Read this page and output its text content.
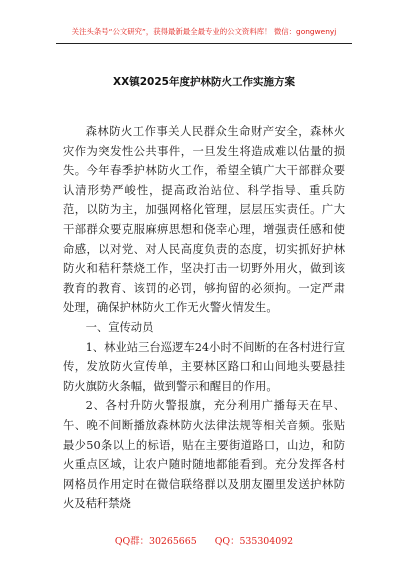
关注头条号“公文研究”，获得最新最全最专业的公文资料库！ 微信：gongwenyj
XX镇2025年度护林防火工作实施方案

森林防火工作事关人民群众生命财产安全，森林火灾作为突发性公共事件，一旦发生将造成难以估量的损失。今年春季护林防火工作，希望全镇广大干部群众要认清形势严峻性，提高政治站位、科学指导、重兵防范，以防为主，加强网格化管理，层层压实责任。广大干部群众要克服麻痹思想和侥幸心理，增强责任感和使命感，以对党、对人民高度负责的态度，切实抓好护林防火和秸秆禁烧工作，坚决打击一切野外用火，做到该教育的教育、该罚的必罚，够拘留的必须拘。一定严肃处理，确保护林防火工作无火警火情发生。

一、宣传动员

1、林业站三台巡逻车24小时不间断的在各村进行宣传，发放防火宣传单，主要林区路口和山间地头要悬挂防火旗防火条幅，做到警示和醒目的作用。

2、各村升防火警报旗，充分利用广播每天在早、午、晚不间断播放森林防火法律法规等相关音频。张贴最少50条以上的标语，贴在主要街道路口，山边，和防火重点区域，让农户随时随地都能看到。充分发挥各村网格员作用定时在微信联络群以及朋友圈里发送护林防火及秸秆禁烧

QQ群：30265665 QQ：535304092
